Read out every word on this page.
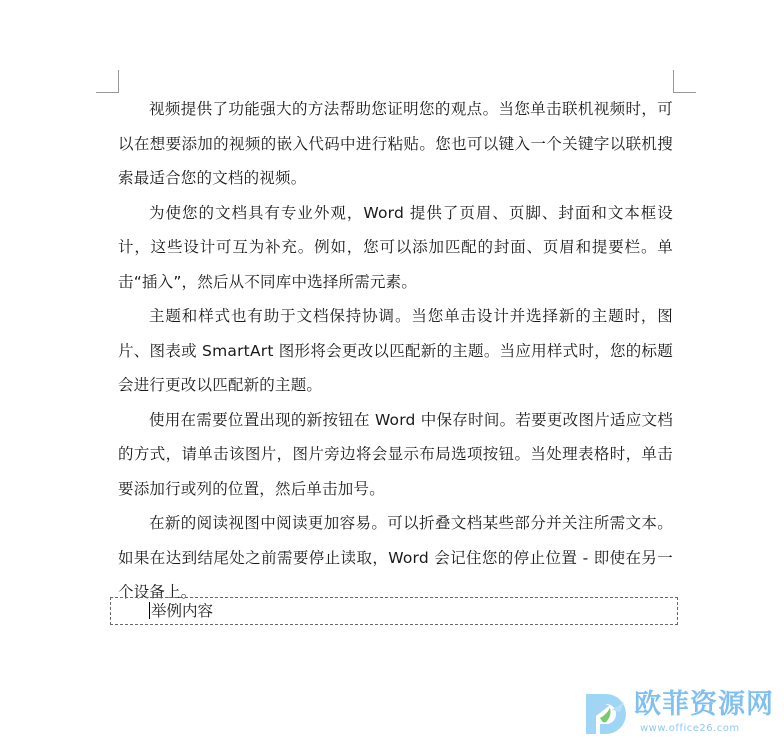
视频提供了功能强大的方法帮助您证明您的观点。当您单击联机视频时，可以在想要添加的视频的嵌入代码中进行粘贴。您也可以键入一个关键字以联机搜索最适合您的文档的视频。

为使您的文档具有专业外观，Word 提供了页眉、页脚、封面和文本框设计，这些设计可互为补充。例如，您可以添加匹配的封面、页眉和提要栏。单击“插入”，然后从不同库中选择所需元素。

主题和样式也有助于文档保持协调。当您单击设计并选择新的主题时，图片、图表或 SmartArt 图形将会更改以匹配新的主题。当应用样式时，您的标题会进行更改以匹配新的主题。

使用在需要位置出现的新按钮在 Word 中保存时间。若要更改图片适应文档的方式，请单击该图片，图片旁边将会显示布局选项按钮。当处理表格时，单击要添加行或列的位置，然后单击加号。

在新的阅读视图中阅读更加容易。可以折叠文档某些部分并关注所需文本。如果在达到结尾处之前需要停止读取，Word 会记住您的停止位置 - 即使在另一个设备上。

举例内容
欧菲资源网
www.office26.com
